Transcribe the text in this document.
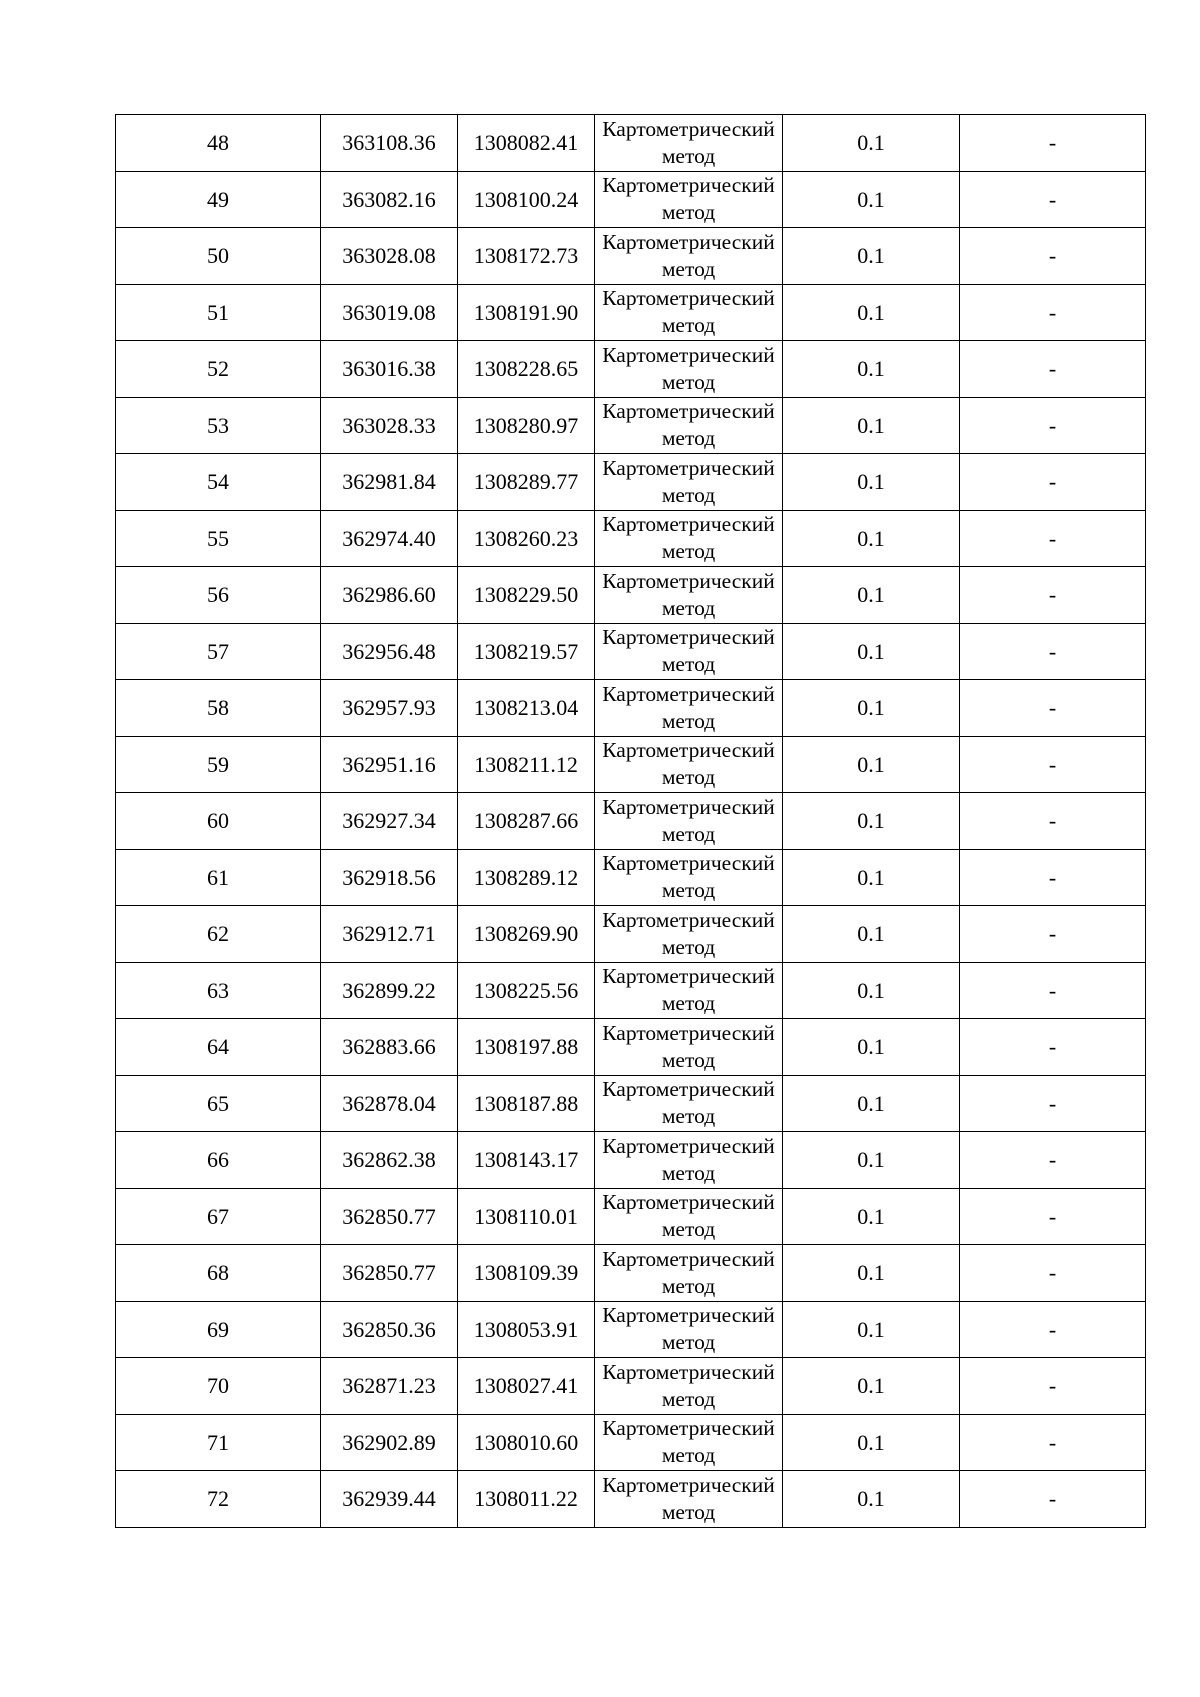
48	363108.36	1308082.41	Картометрический метод	0.1	-
49	363082.16	1308100.24	Картометрический метод	0.1	-
50	363028.08	1308172.73	Картометрический метод	0.1	-
51	363019.08	1308191.90	Картометрический метод	0.1	-
52	363016.38	1308228.65	Картометрический метод	0.1	-
53	363028.33	1308280.97	Картометрический метод	0.1	-
54	362981.84	1308289.77	Картометрический метод	0.1	-
55	362974.40	1308260.23	Картометрический метод	0.1	-
56	362986.60	1308229.50	Картометрический метод	0.1	-
57	362956.48	1308219.57	Картометрический метод	0.1	-
58	362957.93	1308213.04	Картометрический метод	0.1	-
59	362951.16	1308211.12	Картометрический метод	0.1	-
60	362927.34	1308287.66	Картометрический метод	0.1	-
61	362918.56	1308289.12	Картометрический метод	0.1	-
62	362912.71	1308269.90	Картометрический метод	0.1	-
63	362899.22	1308225.56	Картометрический метод	0.1	-
64	362883.66	1308197.88	Картометрический метод	0.1	-
65	362878.04	1308187.88	Картометрический метод	0.1	-
66	362862.38	1308143.17	Картометрический метод	0.1	-
67	362850.77	1308110.01	Картометрический метод	0.1	-
68	362850.77	1308109.39	Картометрический метод	0.1	-
69	362850.36	1308053.91	Картометрический метод	0.1	-
70	362871.23	1308027.41	Картометрический метод	0.1	-
71	362902.89	1308010.60	Картометрический метод	0.1	-
72	362939.44	1308011.22	Картометрический метод	0.1	-
